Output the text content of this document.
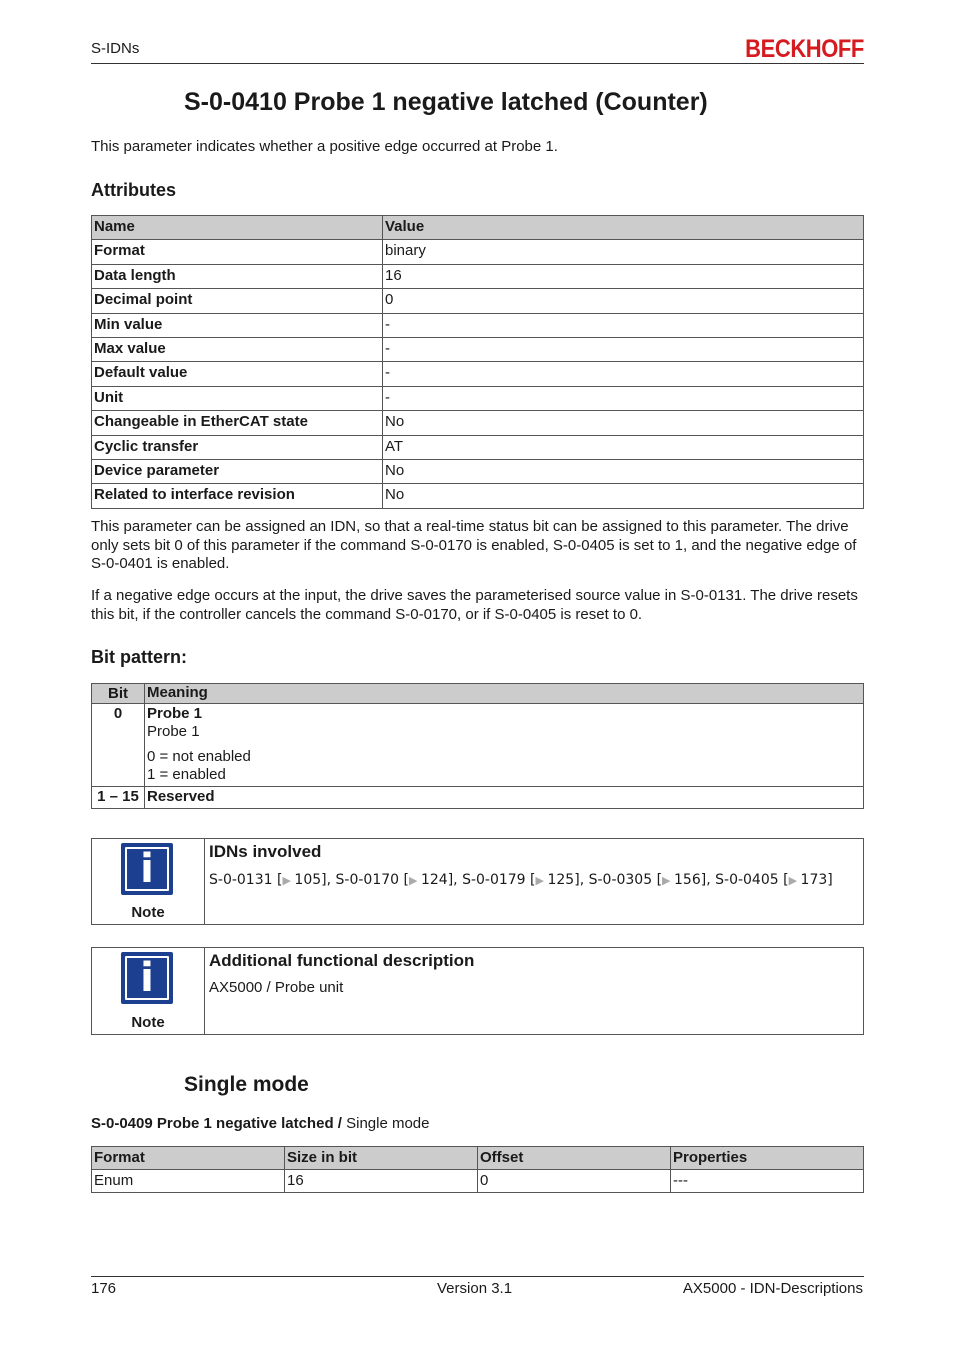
S-IDNs	BECKHOFF
S-0-0410 Probe 1 negative latched (Counter)

This parameter indicates whether a positive edge occurred at Probe 1.

Attributes
Name	Value
Format	binary
Data length	16
Decimal point	0
Min value	-
Max value	-
Default value	-
Unit	-
Changeable in EtherCAT state	No
Cyclic transfer	AT
Device parameter	No
Related to interface revision	No

This parameter can be assigned an IDN, so that a real-time status bit can be assigned to this parameter. The drive only sets bit 0 of this parameter if the command S-0-0170 is enabled, S-0-0405 is set to 1, and the negative edge of S-0-0401 is enabled.

If a negative edge occurs at the input, the drive saves the parameterised source value in S-0-0131. The drive resets this bit, if the controller cancels the command S-0-0170, or if S-0-0405 is reset to 0.

Bit pattern:
Bit	Meaning
0	Probe 1
Probe 1
0 = not enabled
1 = enabled

1 – 15	Reserved
i
Note
IDNs involved
S-0-0131 [▶ 105], S-0-0170 [▶ 124], S-0-0179 [▶ 125], S-0-0305 [▶ 156], S-0-0405 [▶ 173]
i
Note
Additional functional description
AX5000 / Probe unit
Single mode
S-0-0409 Probe 1 negative latched / Single mode
Format	Size in bit	Offset	Properties
Enum	16	0	---
176	Version 3.1	AX5000 - IDN-Descriptions
